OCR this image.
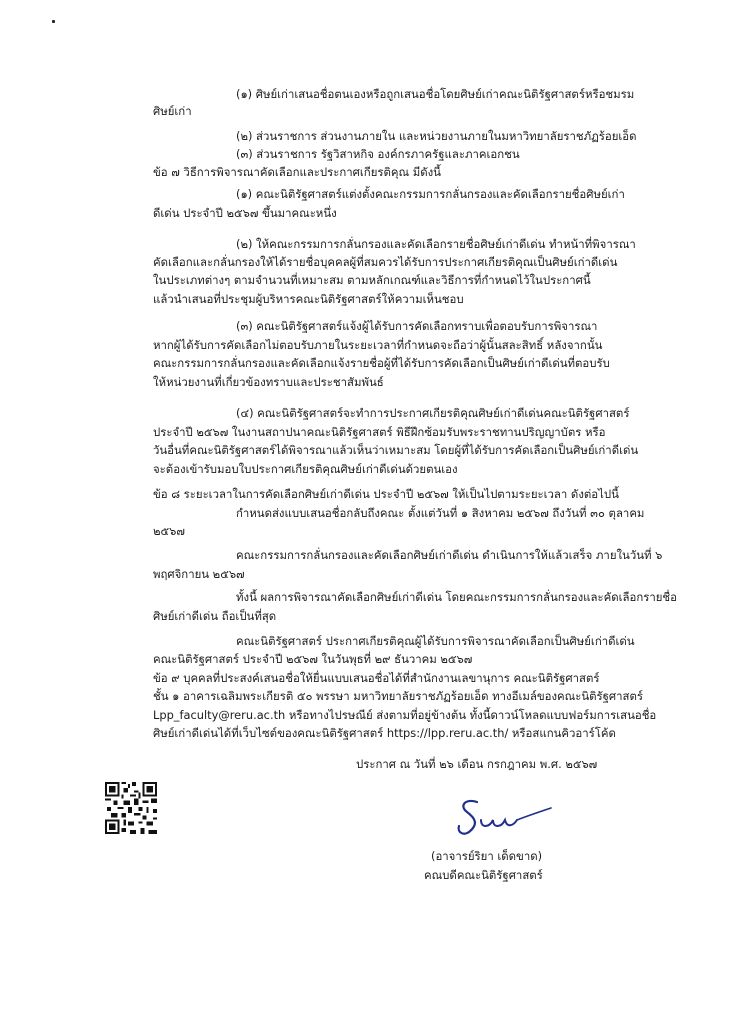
(๑) ศิษย์เก่าเสนอชื่อตนเองหรือถูกเสนอชื่อโดยศิษย์เก่าคณะนิติรัฐศาสตร์หรือชมรม
ศิษย์เก่า
(๒) ส่วนราชการ ส่วนงานภายใน และหน่วยงานภายในมหาวิทยาลัยราชภัฏร้อยเอ็ด
(๓) ส่วนราชการ รัฐวิสาหกิจ องค์กรภาครัฐและภาคเอกชน
ข้อ ๗ วิธีการพิจารณาคัดเลือกและประกาศเกียรติคุณ มีดังนี้
(๑) คณะนิติรัฐศาสตร์แต่งตั้งคณะกรรมการกลั่นกรองและคัดเลือกรายชื่อศิษย์เก่า
ดีเด่น ประจำปี ๒๕๖๗ ขึ้นมาคณะหนึ่ง
(๒) ให้คณะกรรมการกลั่นกรองและคัดเลือกรายชื่อศิษย์เก่าดีเด่น ทำหน้าที่พิจารณา
คัดเลือกและกลั่นกรองให้ได้รายชื่อบุคคลผู้ที่สมควรได้รับการประกาศเกียรติคุณเป็นศิษย์เก่าดีเด่น
ในประเภทต่างๆ ตามจำนวนที่เหมาะสม ตามหลักเกณฑ์และวิธีการที่กำหนดไว้ในประกาศนี้
แล้วนำเสนอที่ประชุมผู้บริหารคณะนิติรัฐศาสตร์ให้ความเห็นชอบ
(๓) คณะนิติรัฐศาสตร์แจ้งผู้ได้รับการคัดเลือกทราบเพื่อตอบรับการพิจารณา
หากผู้ได้รับการคัดเลือกไม่ตอบรับภายในระยะเวลาที่กำหนดจะถือว่าผู้นั้นสละสิทธิ์ หลังจากนั้น
คณะกรรมการกลั่นกรองและคัดเลือกแจ้งรายชื่อผู้ที่ได้รับการคัดเลือกเป็นศิษย์เก่าดีเด่นที่ตอบรับ
ให้หน่วยงานที่เกี่ยวข้องทราบและประชาสัมพันธ์
(๔) คณะนิติรัฐศาสตร์จะทำการประกาศเกียรติคุณศิษย์เก่าดีเด่นคณะนิติรัฐศาสตร์
ประจำปี ๒๕๖๗ ในงานสถาปนาคณะนิติรัฐศาสตร์ พิธีฝึกซ้อมรับพระราชทานปริญญาบัตร หรือ
วันอื่นที่คณะนิติรัฐศาสตร์ได้พิจารณาแล้วเห็นว่าเหมาะสม โดยผู้ที่ได้รับการคัดเลือกเป็นศิษย์เก่าดีเด่น
จะต้องเข้ารับมอบใบประกาศเกียรติคุณศิษย์เก่าดีเด่นด้วยตนเอง
ข้อ ๘ ระยะเวลาในการคัดเลือกศิษย์เก่าดีเด่น ประจำปี ๒๕๖๗ ให้เป็นไปตามระยะเวลา ดังต่อไปนี้
กำหนดส่งแบบเสนอชื่อกลับถึงคณะ ตั้งแต่วันที่ ๑ สิงหาคม ๒๕๖๗ ถึงวันที่ ๓๐ ตุลาคม
๒๕๖๗
คณะกรรมการกลั่นกรองและคัดเลือกศิษย์เก่าดีเด่น ดำเนินการให้แล้วเสร็จ ภายในวันที่ ๖
พฤศจิกายน ๒๕๖๗
ทั้งนี้ ผลการพิจารณาคัดเลือกศิษย์เก่าดีเด่น โดยคณะกรรมการกลั่นกรองและคัดเลือกรายชื่อ
ศิษย์เก่าดีเด่น ถือเป็นที่สุด
คณะนิติรัฐศาสตร์ ประกาศเกียรติคุณผู้ได้รับการพิจารณาคัดเลือกเป็นศิษย์เก่าดีเด่น
คณะนิติรัฐศาสตร์ ประจำปี ๒๕๖๗ ในวันพุธที่ ๒๙ ธันวาคม ๒๕๖๗
ข้อ ๙ บุคคลที่ประสงค์เสนอชื่อให้ยื่นแบบเสนอชื่อได้ที่สำนักงานเลขานุการ คณะนิติรัฐศาสตร์
ชั้น ๑ อาคารเฉลิมพระเกียรติ ๕๐ พรรษา มหาวิทยาลัยราชภัฏร้อยเอ็ด ทางอีเมล์ของคณะนิติรัฐศาสตร์
Lpp_faculty@reru.ac.th หรือทางไปรษณีย์ ส่งตามที่อยู่ข้างต้น ทั้งนี้ดาวน์โหลดแบบฟอร์มการเสนอชื่อ
ศิษย์เก่าดีเด่นได้ที่เว็บไซต์ของคณะนิติรัฐศาสตร์ https://lpp.reru.ac.th/ หรือสแกนคิวอาร์โค้ด
ประกาศ ณ วันที่ ๒๖ เดือน กรกฎาคม พ.ศ. ๒๕๖๗
(อาจารย์ริยา เด็ดขาด)
คณบดีคณะนิติรัฐศาสตร์
